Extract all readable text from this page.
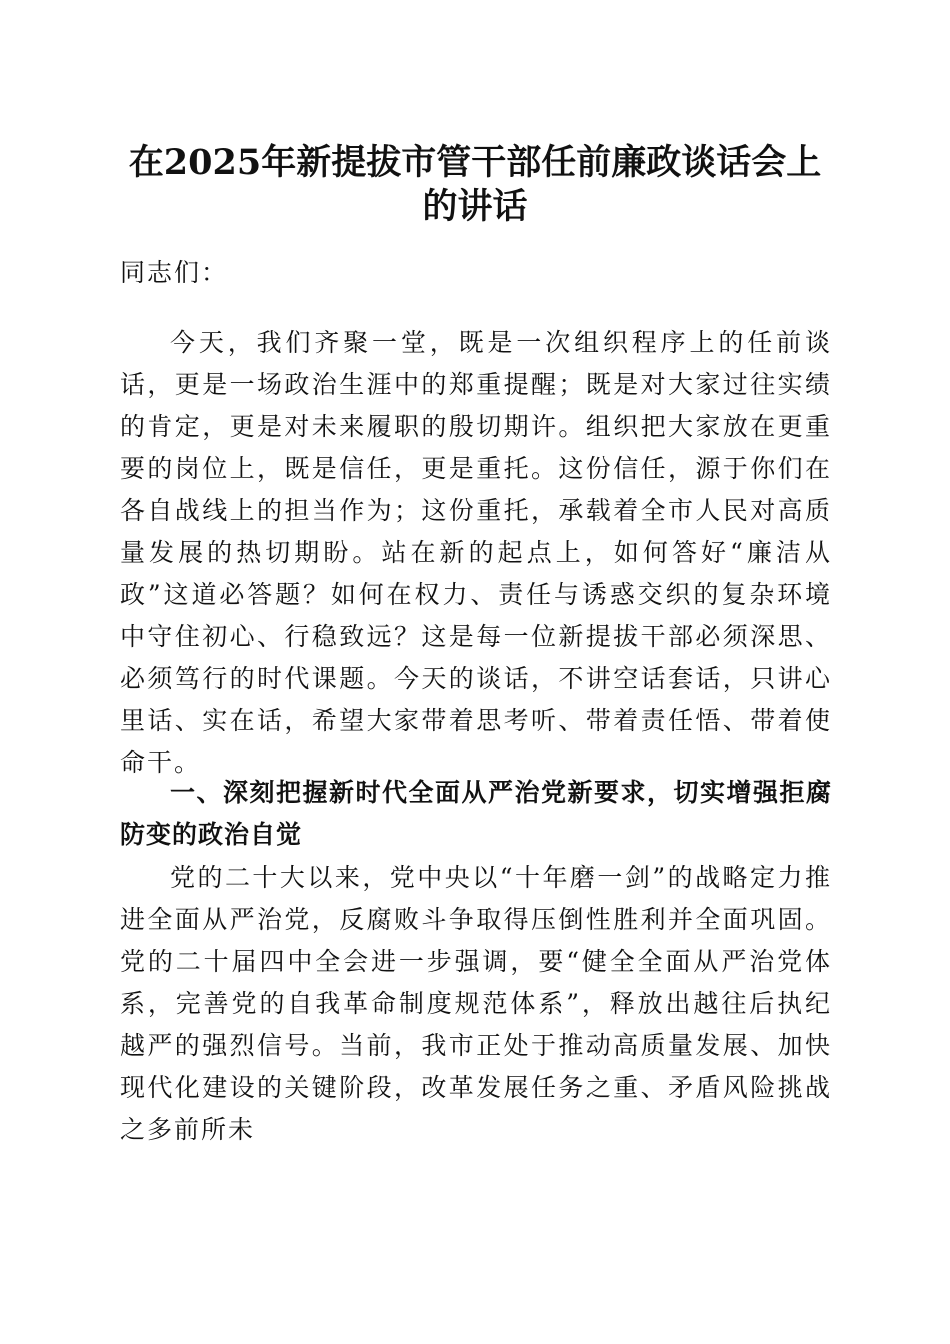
在2025年新提拔市管干部任前廉政谈话会上
的讲话
同志们：
今天，我们齐聚一堂，既是一次组织程序上的任前谈话，更是一场政治生涯中的郑重提醒；既是对大家过往实绩的肯定，更是对未来履职的殷切期许。组织把大家放在更重要的岗位上，既是信任，更是重托。这份信任，源于你们在各自战线上的担当作为；这份重托，承载着全市人民对高质量发展的热切期盼。站在新的起点上，如何答好“廉洁从政”这道必答题？如何在权力、责任与诱惑交织的复杂环境中守住初心、行稳致远？这是每一位新提拔干部必须深思、必须笃行的时代课题。今天的谈话，不讲空话套话，只讲心里话、实在话，希望大家带着思考听、带着责任悟、带着使命干。
一、深刻把握新时代全面从严治党新要求，切实增强拒腐防变的政治自觉
党的二十大以来，党中央以“十年磨一剑”的战略定力推进全面从严治党，反腐败斗争取得压倒性胜利并全面巩固。党的二十届四中全会进一步强调，要“健全全面从严治党体系，完善党的自我革命制度规范体系”，释放出越往后执纪越严的强烈信号。当前，我市正处于推动高质量发展、加快现代化建设的关键阶段，改革发展任务之重、矛盾风险挑战之多前所未
